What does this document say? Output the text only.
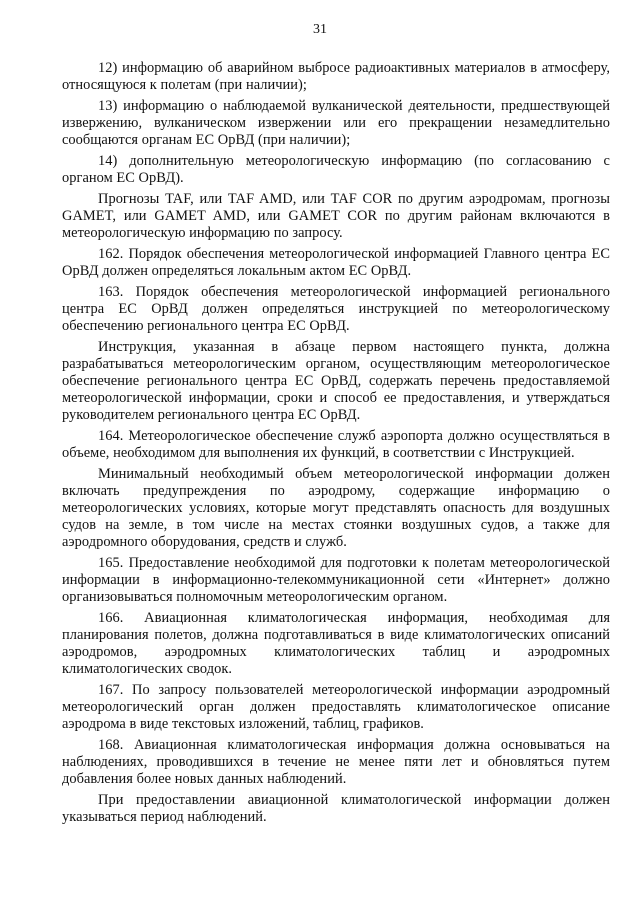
31

12) информацию об аварийном выбросе радиоактивных материалов в атмосферу, относящуюся к полетам (при наличии);

13) информацию о наблюдаемой вулканической деятельности, предшествующей извержению, вулканическом извержении или его прекращении незамедлительно сообщаются органам ЕС ОрВД (при наличии);

14) дополнительную метеорологическую информацию (по согласованию с органом ЕС ОрВД).

Прогнозы TAF, или TAF AMD, или TAF COR по другим аэродромам, прогнозы GAMET, или GAMET AMD, или GAMET COR по другим районам включаются в метеорологическую информацию по запросу.

162. Порядок обеспечения метеорологической информацией Главного центра ЕС ОрВД должен определяться локальным актом ЕС ОрВД.

163. Порядок обеспечения метеорологической информацией регионального центра ЕС ОрВД должен определяться инструкцией по метеорологическому обеспечению регионального центра ЕС ОрВД.

Инструкция, указанная в абзаце первом настоящего пункта, должна разрабатываться метеорологическим органом, осуществляющим метеорологическое обеспечение регионального центра ЕС ОрВД, содержать перечень предоставляемой метеорологической информации, сроки и способ ее предоставления, и утверждаться руководителем регионального центра ЕС ОрВД.

164. Метеорологическое обеспечение служб аэропорта должно осуществляться в объеме, необходимом для выполнения их функций, в соответствии с Инструкцией.

Минимальный необходимый объем метеорологической информации должен включать предупреждения по аэродрому, содержащие информацию о метеорологических условиях, которые могут представлять опасность для воздушных судов на земле, в том числе на местах стоянки воздушных судов, а также для аэродромного оборудования, средств и служб.

165. Предоставление необходимой для подготовки к полетам метеорологической информации в информационно-телекоммуникационной сети «Интернет» должно организовываться полномочным метеорологическим органом.

166. Авиационная климатологическая информация, необходимая для планирования полетов, должна подготавливаться в виде климатологических описаний аэродромов, аэродромных климатологических таблиц и аэродромных климатологических сводок.

167. По запросу пользователей метеорологической информации аэродромный метеорологический орган должен предоставлять климатологическое описание аэродрома в виде текстовых изложений, таблиц, графиков.

168. Авиационная климатологическая информация должна основываться на наблюдениях, проводившихся в течение не менее пяти лет и обновляться путем добавления более новых данных наблюдений.

При предоставлении авиационной климатологической информации должен указываться период наблюдений.
